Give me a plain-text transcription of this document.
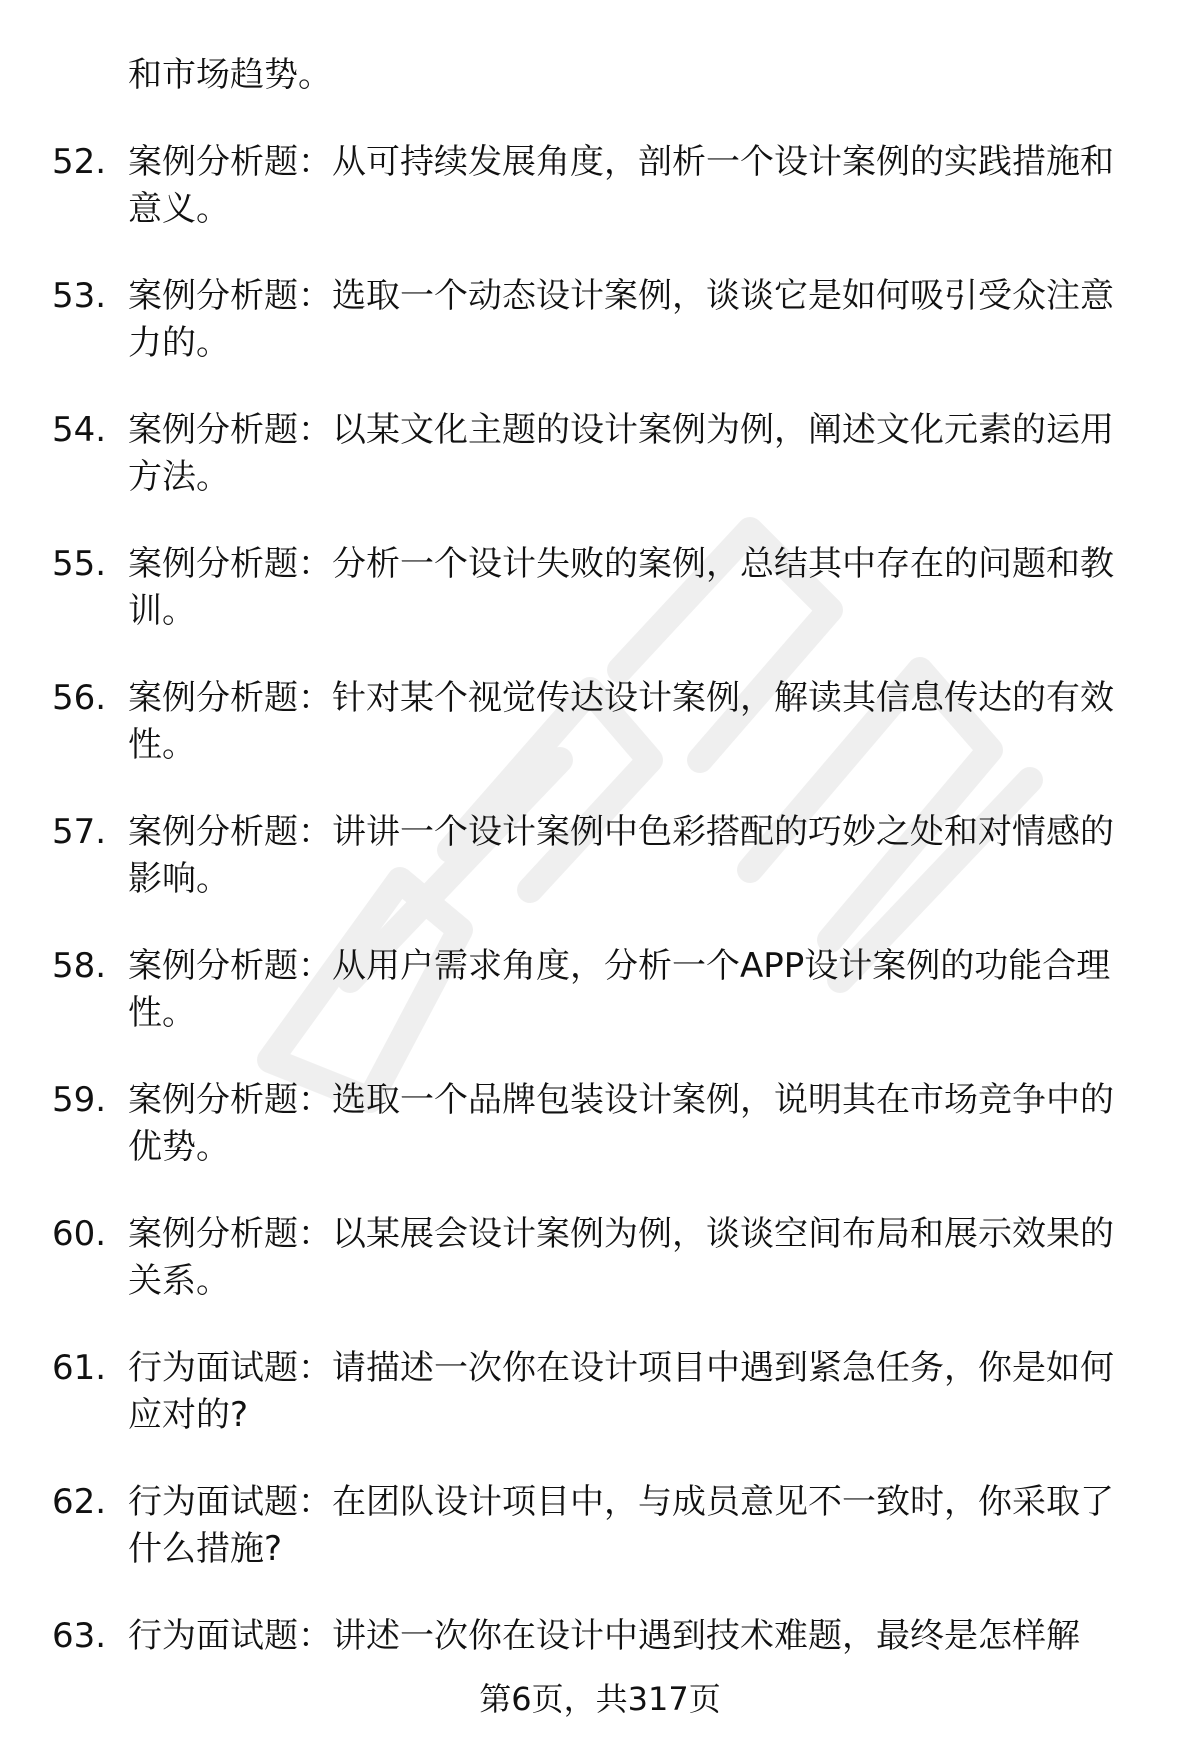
和市场趋势。
52. 案例分析题：从可持续发展角度，剖析一个设计案例的实践措施和意义。
53. 案例分析题：选取一个动态设计案例，谈谈它是如何吸引受众注意力的。
54. 案例分析题：以某文化主题的设计案例为例，阐述文化元素的运用方法。
55. 案例分析题：分析一个设计失败的案例，总结其中存在的问题和教训。
56. 案例分析题：针对某个视觉传达设计案例，解读其信息传达的有效性。
57. 案例分析题：讲讲一个设计案例中色彩搭配的巧妙之处和对情感的影响。
58. 案例分析题：从用户需求角度，分析一个APP设计案例的功能合理性。
59. 案例分析题：选取一个品牌包装设计案例，说明其在市场竞争中的优势。
60. 案例分析题：以某展会设计案例为例，谈谈空间布局和展示效果的关系。
61. 行为面试题：请描述一次你在设计项目中遇到紧急任务，你是如何应对的?
62. 行为面试题：在团队设计项目中，与成员意见不一致时，你采取了什么措施?
63. 行为面试题：讲述一次你在设计中遇到技术难题，最终是怎样解
第6页，共317页
